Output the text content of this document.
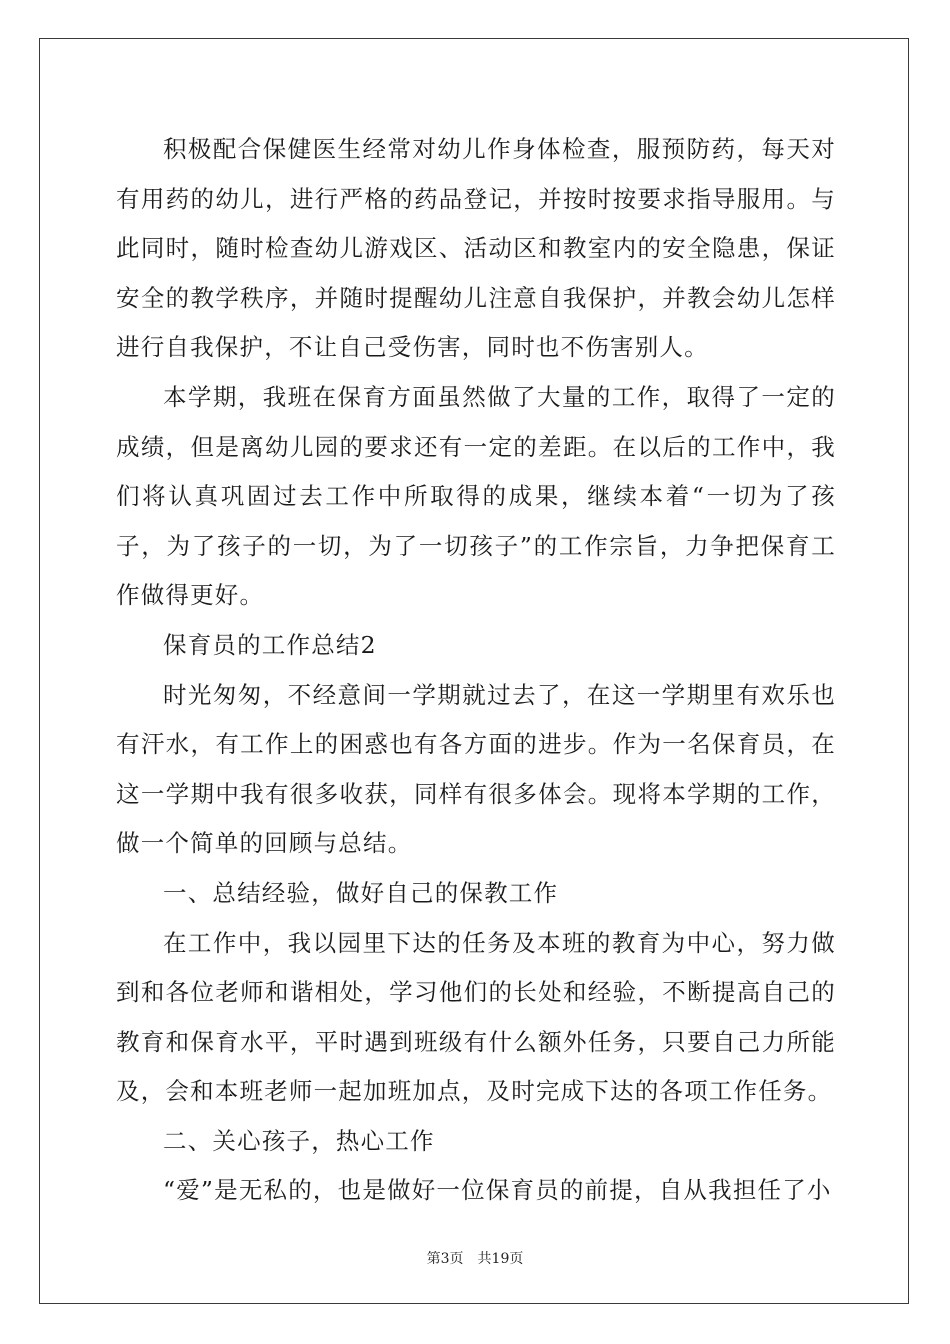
积极配合保健医生经常对幼儿作身体检查，服预防药，每天对有用药的幼儿，进行严格的药品登记，并按时按要求指导服用。与此同时，随时检查幼儿游戏区、活动区和教室内的安全隐患，保证安全的教学秩序，并随时提醒幼儿注意自我保护，并教会幼儿怎样进行自我保护，不让自己受伤害，同时也不伤害别人。

本学期，我班在保育方面虽然做了大量的工作，取得了一定的成绩，但是离幼儿园的要求还有一定的差距。在以后的工作中，我们将认真巩固过去工作中所取得的成果，继续本着“一切为了孩子，为了孩子的一切，为了一切孩子”的工作宗旨，力争把保育工作做得更好。

保育员的工作总结2

时光匆匆，不经意间一学期就过去了，在这一学期里有欢乐也有汗水，有工作上的困惑也有各方面的进步。作为一名保育员，在这一学期中我有很多收获，同样有很多体会。现将本学期的工作，做一个简单的回顾与总结。

一、总结经验，做好自己的保教工作

在工作中，我以园里下达的任务及本班的教育为中心，努力做到和各位老师和谐相处，学习他们的长处和经验，不断提高自己的教育和保育水平，平时遇到班级有什么额外任务，只要自己力所能及，会和本班老师一起加班加点，及时完成下达的各项工作任务。

二、关心孩子，热心工作

“爱”是无私的，也是做好一位保育员的前提，自从我担任了小

第3页 共19页
